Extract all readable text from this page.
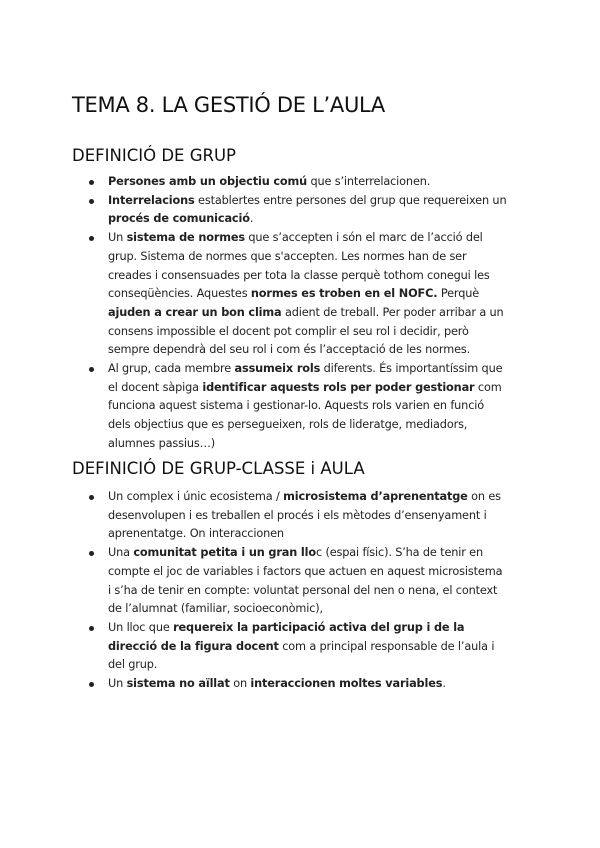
TEMA 8. LA GESTIÓ DE L’AULA
DEFINICIÓ DE GRUP
Persones amb un objectiu comú que s’interrelacionen.
Interrelacions establertes entre persones del grup que requereixen un procés de comunicació.
Un sistema de normes que s’accepten i són el marc de l’acció del grup. Sistema de normes que s'accepten. Les normes han de ser creades i consensuades per tota la classe perquè tothom conegui les conseqüències. Aquestes normes es troben en el NOFC. Perquè ajuden a crear un bon clima adient de treball. Per poder arribar a un consens impossible el docent pot complir el seu rol i decidir, però sempre dependrà del seu rol i com és l’acceptació de les normes.
Al grup, cada membre assumeix rols diferents. És importantíssim que el docent sàpiga identificar aquests rols per poder gestionar com funciona aquest sistema i gestionar-lo. Aquests rols varien en funció dels objectius que es persegueixen, rols de lideratge, mediadors, alumnes passius…)
DEFINICIÓ DE GRUP-CLASSE i AULA
Un complex i únic ecosistema / microsistema d’aprenentatge on es desenvolupen i es treballen el procés i els mètodes d’ensenyament i aprenentatge. On interaccionen
Una comunitat petita i un gran lloc (espai físic). S’ha de tenir en compte el joc de variables i factors que actuen en aquest microsistema i s’ha de tenir en compte: voluntat personal del nen o nena, el context de l’alumnat (familiar, socioeconòmic),
Un lloc que requereix la participació activa del grup i de la direcció de la figura docent com a principal responsable de l’aula i del grup.
Un sistema no aïllat on interaccionen moltes variables.
